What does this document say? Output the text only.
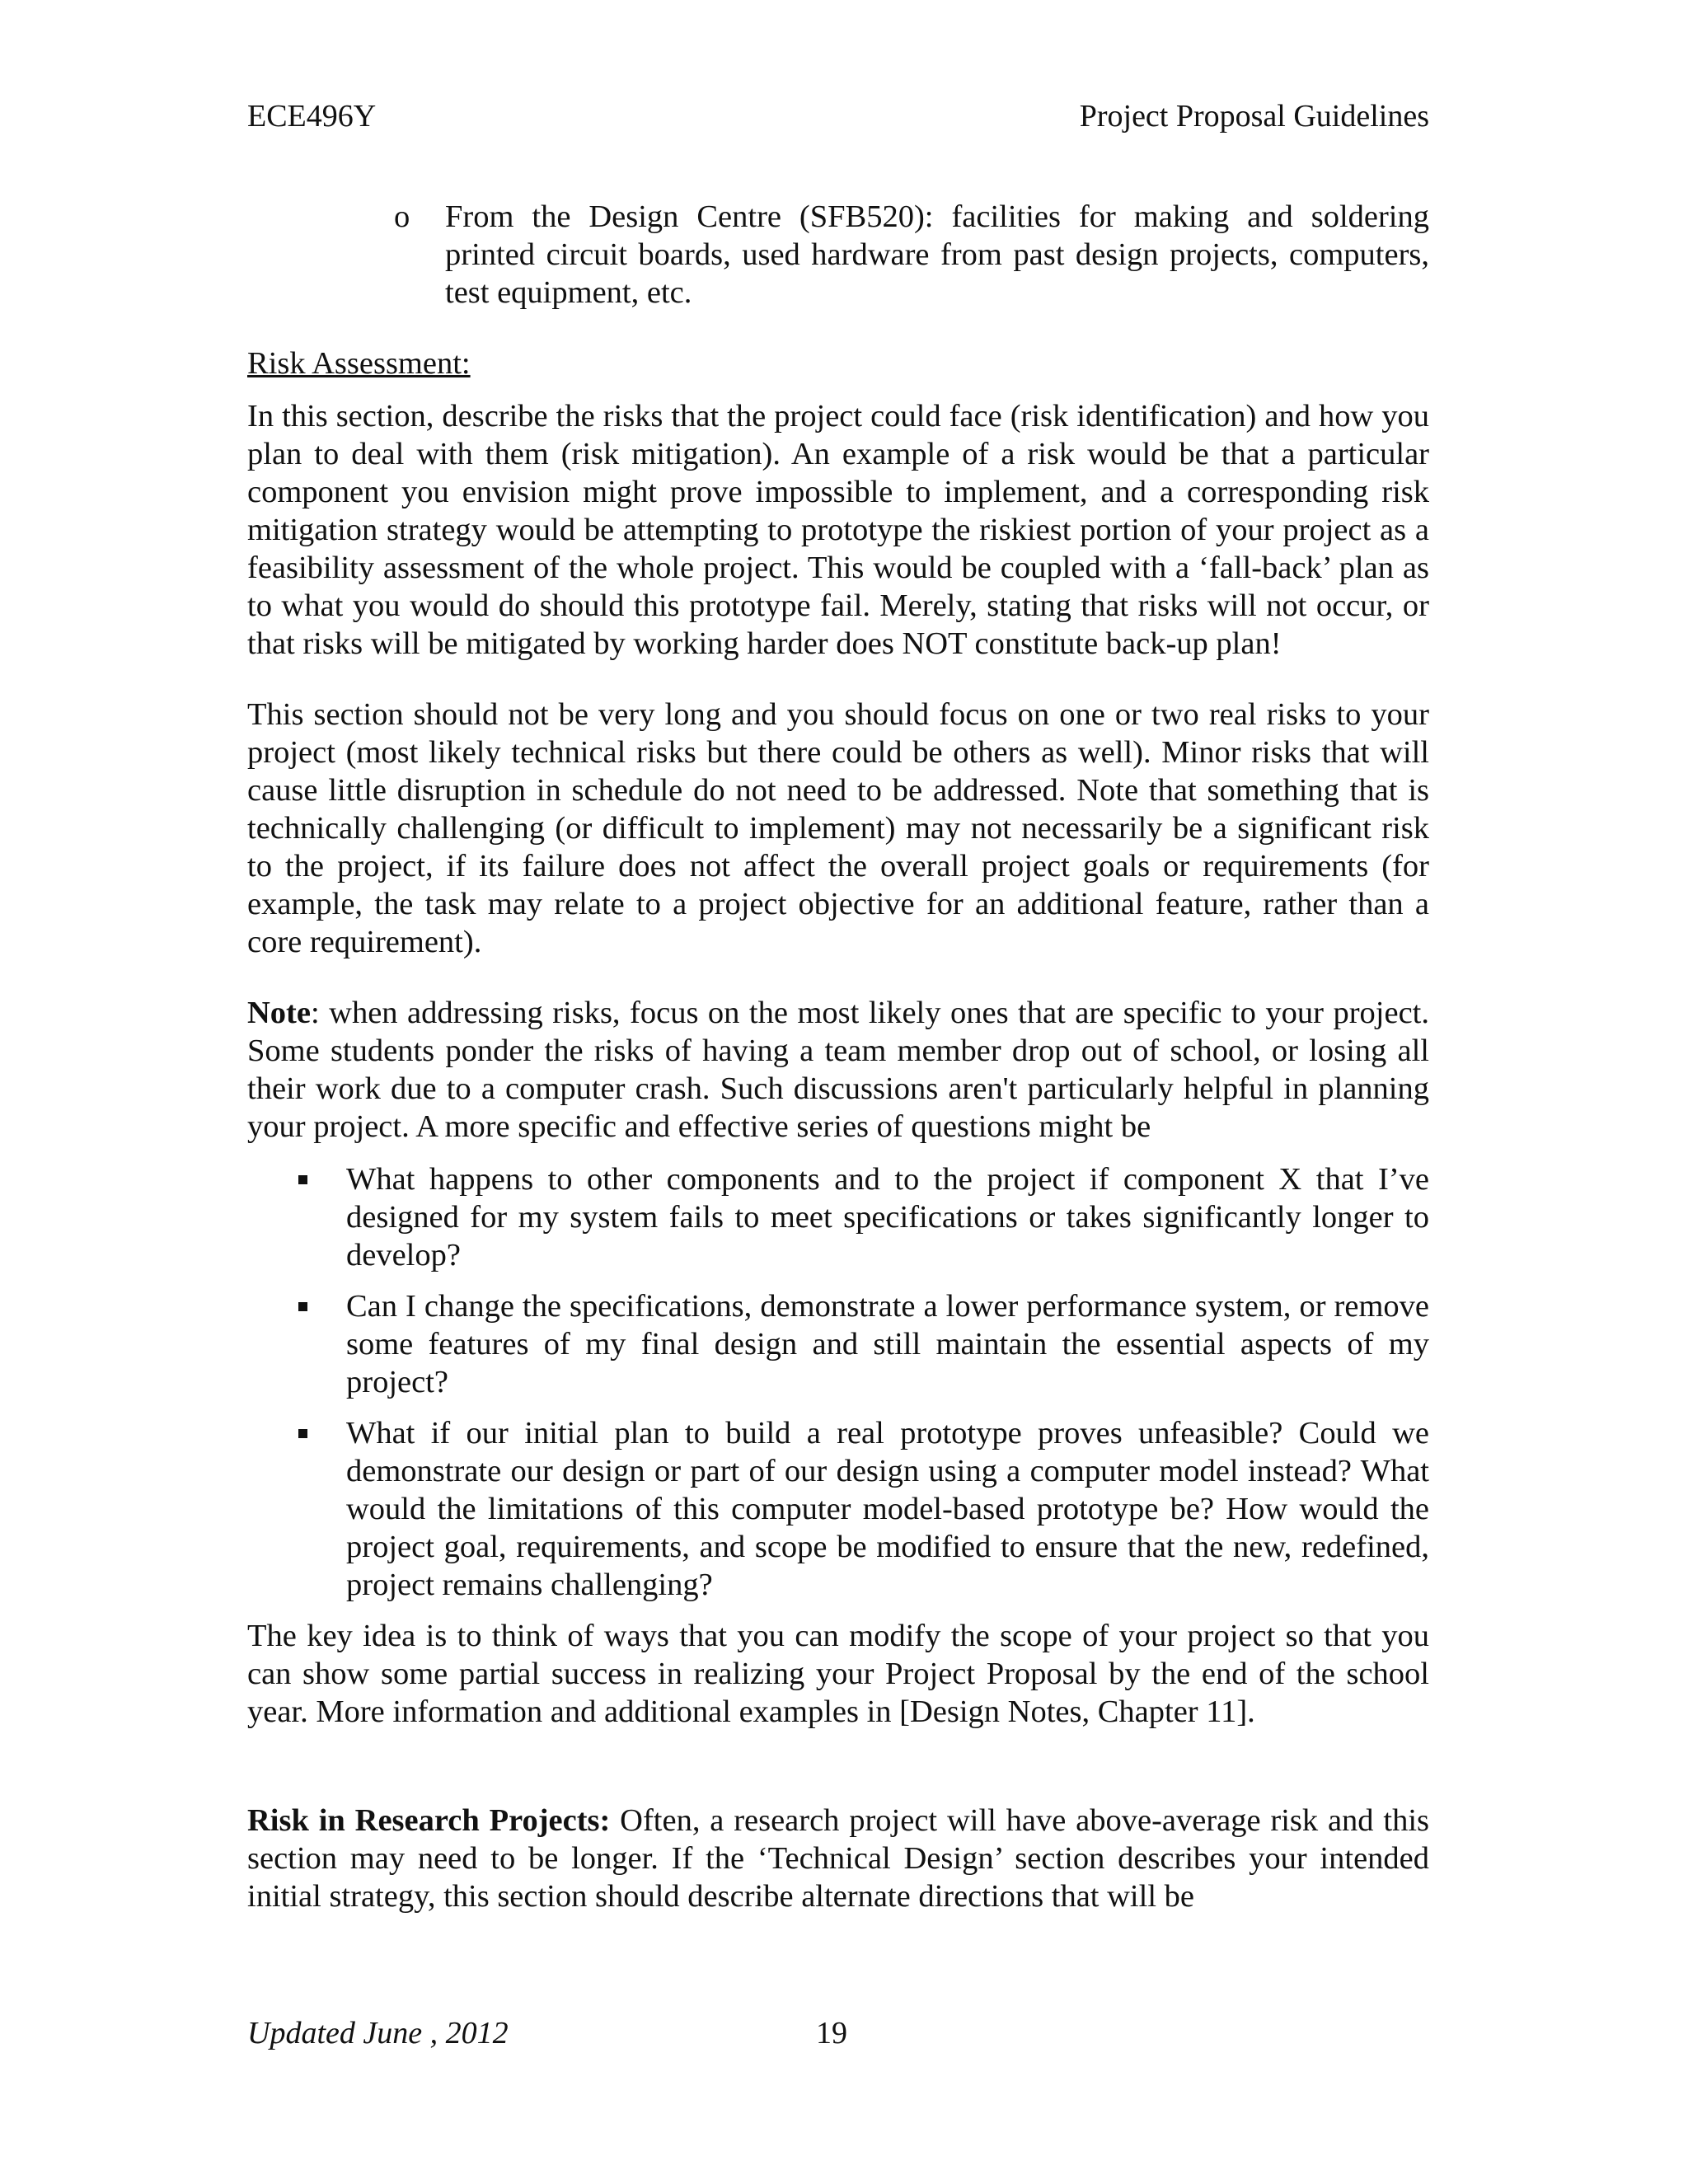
ECE496Y	Project Proposal Guidelines
o From the Design Centre (SFB520): facilities for making and soldering printed circuit boards, used hardware from past design projects, computers, test equipment, etc.

Risk Assessment:

In this section, describe the risks that the project could face (risk identification) and how you plan to deal with them (risk mitigation). An example of a risk would be that a particular component you envision might prove impossible to implement, and a corresponding risk mitigation strategy would be attempting to prototype the riskiest portion of your project as a feasibility assessment of the whole project. This would be coupled with a ‘fall-back’ plan as to what you would do should this prototype fail. Merely, stating that risks will not occur, or that risks will be mitigated by working harder does NOT constitute back-up plan!

This section should not be very long and you should focus on one or two real risks to your project (most likely technical risks but there could be others as well). Minor risks that will cause little disruption in schedule do not need to be addressed. Note that something that is technically challenging (or difficult to implement) may not necessarily be a significant risk to the project, if its failure does not affect the overall project goals or requirements (for example, the task may relate to a project objective for an additional feature, rather than a core requirement).

Note: when addressing risks, focus on the most likely ones that are specific to your project. Some students ponder the risks of having a team member drop out of school, or losing all their work due to a computer crash. Such discussions aren't particularly helpful in planning your project. A more specific and effective series of questions might be

What happens to other components and to the project if component X that I’ve designed for my system fails to meet specifications or takes significantly longer to develop?
Can I change the specifications, demonstrate a lower performance system, or remove some features of my final design and still maintain the essential aspects of my project?
What if our initial plan to build a real prototype proves unfeasible? Could we demonstrate our design or part of our design using a computer model instead? What would the limitations of this computer model-based prototype be? How would the project goal, requirements, and scope be modified to ensure that the new, redefined, project remains challenging?

The key idea is to think of ways that you can modify the scope of your project so that you can show some partial success in realizing your Project Proposal by the end of the school year. More information and additional examples in [Design Notes, Chapter 11].

Risk in Research Projects: Often, a research project will have above-average risk and this section may need to be longer. If the ‘Technical Design’ section describes your intended initial strategy, this section should describe alternate directions that will be

Updated June , 2012	19
